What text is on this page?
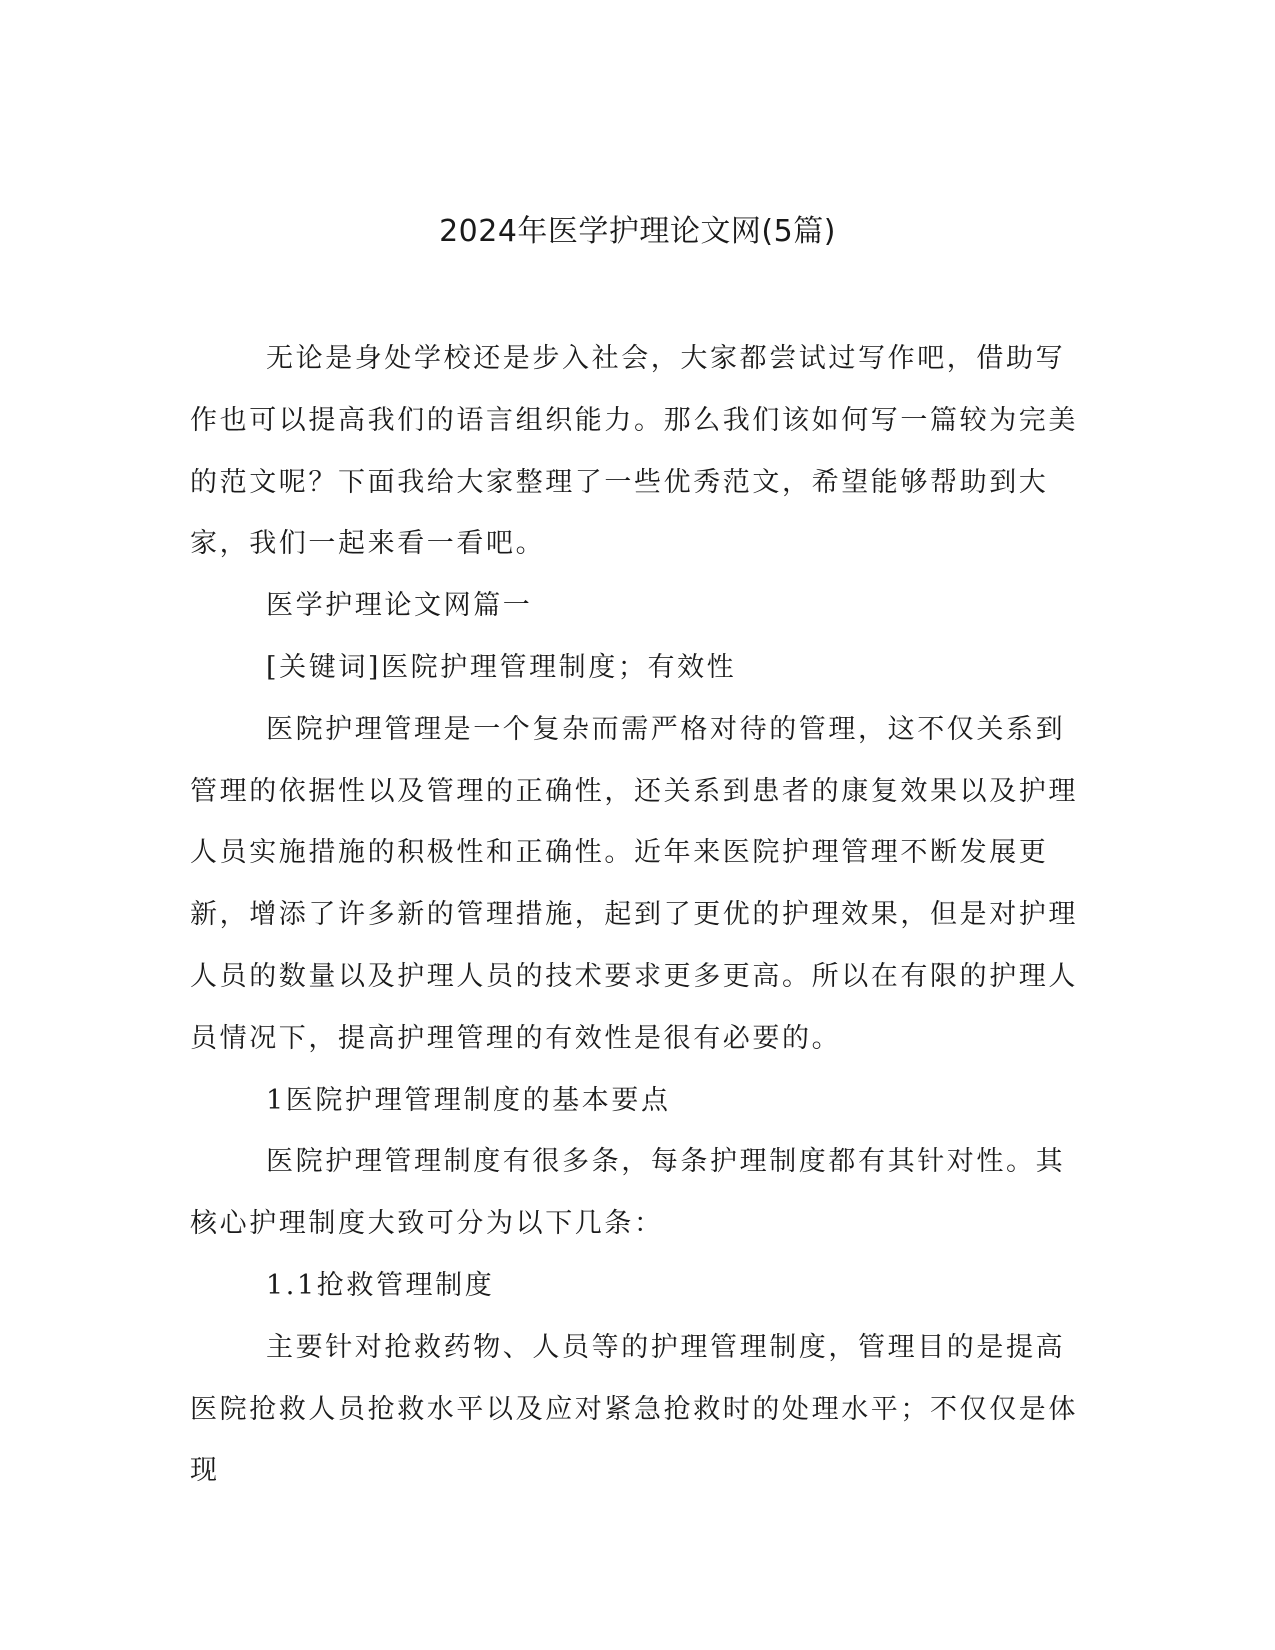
2024年医学护理论文网(5篇)

无论是身处学校还是步入社会，大家都尝试过写作吧，借助写作也可以提高我们的语言组织能力。那么我们该如何写一篇较为完美的范文呢？下面我给大家整理了一些优秀范文，希望能够帮助到大家，我们一起来看一看吧。

医学护理论文网篇一

[关键词]医院护理管理制度；有效性

医院护理管理是一个复杂而需严格对待的管理，这不仅关系到管理的依据性以及管理的正确性，还关系到患者的康复效果以及护理人员实施措施的积极性和正确性。近年来医院护理管理不断发展更新，增添了许多新的管理措施，起到了更优的护理效果，但是对护理人员的数量以及护理人员的技术要求更多更高。所以在有限的护理人员情况下，提高护理管理的有效性是很有必要的。

1医院护理管理制度的基本要点

医院护理管理制度有很多条，每条护理制度都有其针对性。其核心护理制度大致可分为以下几条：

1.1抢救管理制度

主要针对抢救药物、人员等的护理管理制度，管理目的是提高医院抢救人员抢救水平以及应对紧急抢救时的处理水平；不仅仅是体现
